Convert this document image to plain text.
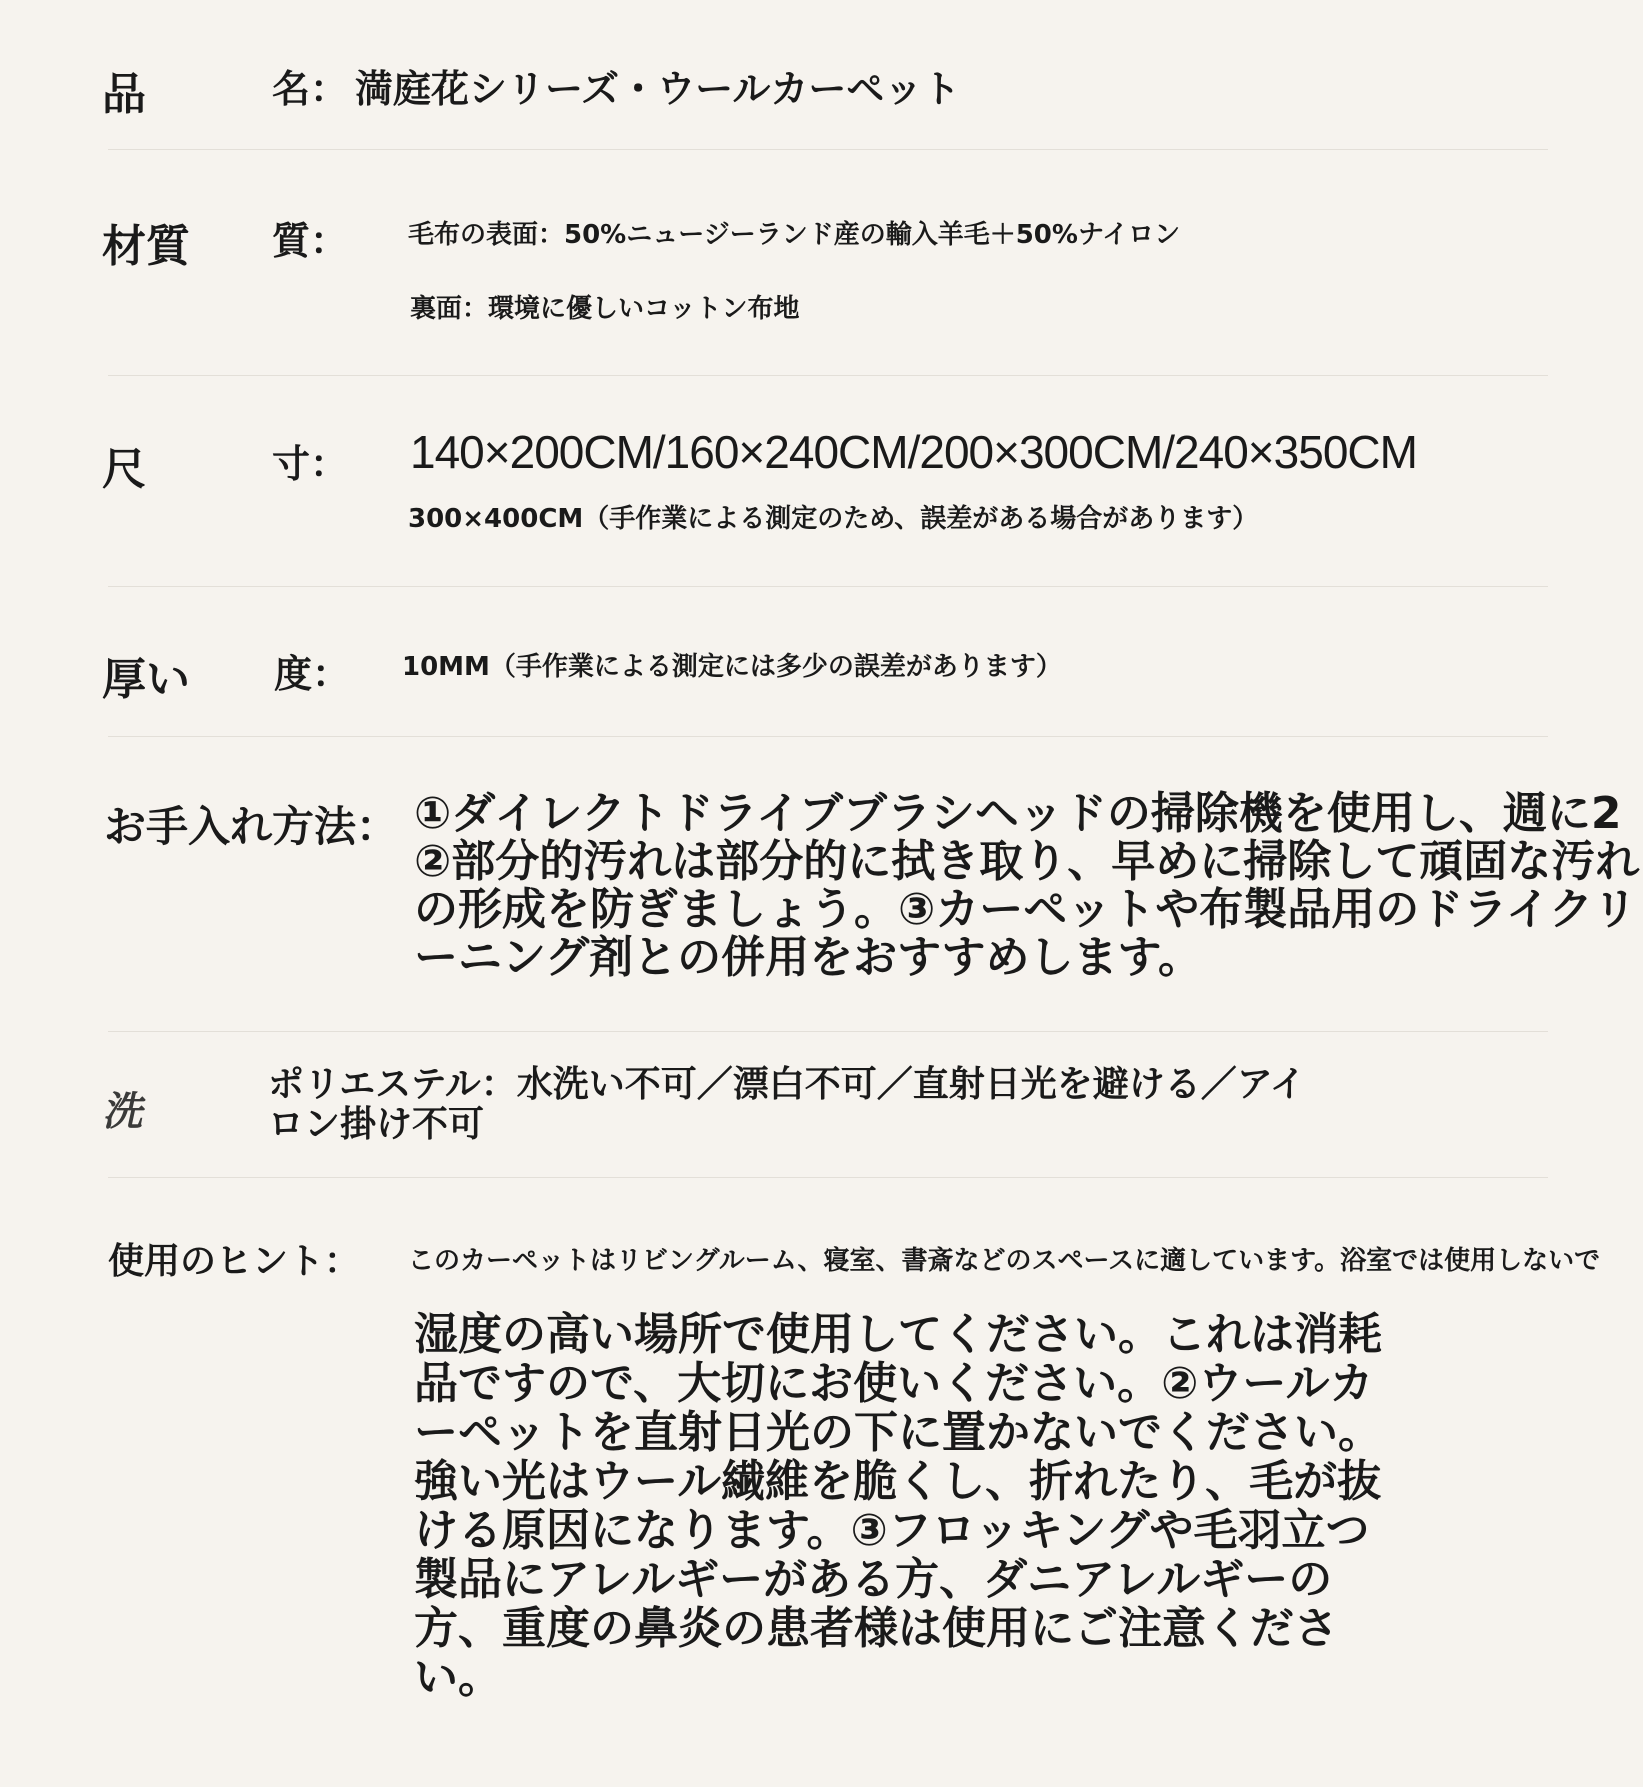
品	名： 満庭花シリーズ・ウールカーペット
材質 質： 毛布の表面：50%ニュージーランド産の輸入羊毛＋50%ナイロン
裏面：環境に優しいコットン布地
尺	寸： 140×200CM/160×240CM/200×300CM/240×350CM
300×400CM（手作業による測定のため、誤差がある場合があります）
厚い 度： 10MM（手作業による測定には多少の誤差があります）
お手入れ方法： ①ダイレクトドライブブラシヘッドの掃除機を使用し、週に2
②部分的汚れは部分的に拭き取り、早めに掃除して頑固な汚れ
の形成を防ぎましょう。③カーペットや布製品用のドライクリ
ーニング剤との併用をおすすめします。
洗
ポリエステル：水洗い不可／漂白不可／直射日光を避ける／アイロン掛け不可
使用のヒント： このカーペットはリビングルーム、寝室、書斎などのスペースに適しています。浴室では使用しないで
湿度の高い場所で使用してください。これは消耗品ですので、大切にお使いください。②ウールカーペットを直射日光の下に置かないでください。強い光はウール繊維を脆くし、折れたり、毛が抜ける原因になります。③フロッキングや毛羽立つ製品にアレルギーがある方、ダニアレルギーの方、重度の鼻炎の患者様は使用にご注意ください。
